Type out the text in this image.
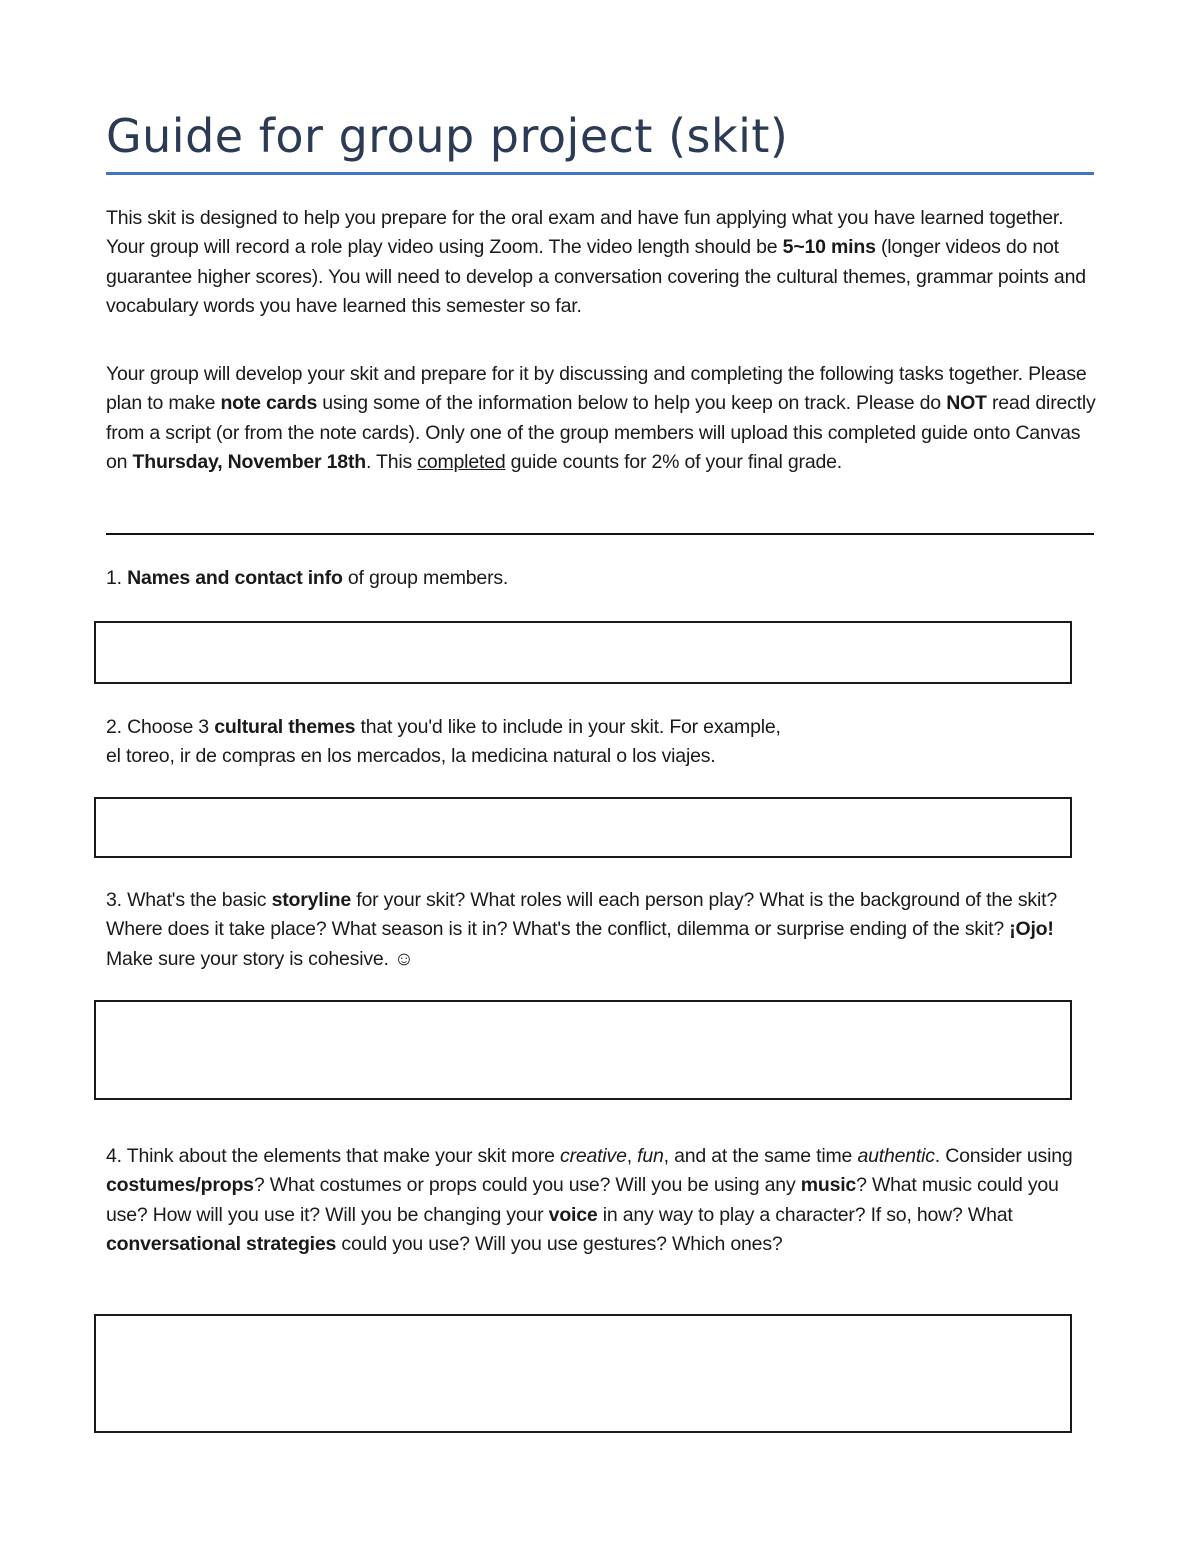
Guide for group project (skit)

This skit is designed to help you prepare for the oral exam and have fun applying what you have learned together.
Your group will record a role play video using Zoom. The video length should be 5~10 mins (longer videos do not guarantee higher scores). You will need to develop a conversation covering the cultural themes, grammar points and vocabulary words you have learned this semester so far.

Your group will develop your skit and prepare for it by discussing and completing the following tasks together. Please plan to make note cards using some of the information below to help you keep on track. Please do NOT read directly from a script (or from the note cards). Only one of the group members will upload this completed guide onto Canvas on Thursday, November 18th. This completed guide counts for 2% of your final grade.

1. Names and contact info of group members.

2. Choose 3 cultural themes that you'd like to include in your skit. For example,
el toreo, ir de compras en los mercados, la medicina natural o los viajes.

3. What's the basic storyline for your skit? What roles will each person play? What is the background of the skit? Where does it take place? What season is it in? What's the conflict, dilemma or surprise ending of the skit? ¡Ojo! Make sure your story is cohesive. ☺

4. Think about the elements that make your skit more creative, fun, and at the same time authentic. Consider using costumes/props? What costumes or props could you use? Will you be using any music? What music could you use? How will you use it? Will you be changing your voice in any way to play a character? If so, how? What conversational strategies could you use? Will you use gestures? Which ones?
